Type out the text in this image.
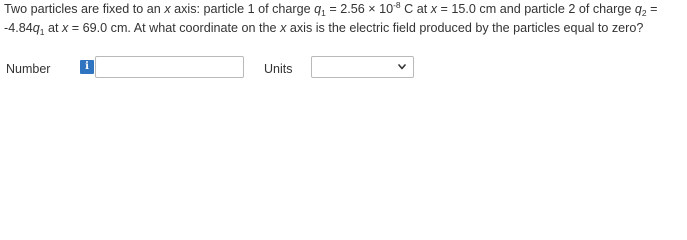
Two particles are fixed to an x axis: particle 1 of charge $q_1 = 2.56 \times 10^{-8}$ C at x = 15.0 cm and particle 2 of charge $q_2$ =
$-4.84q_1$ at x = 69.0 cm. At what coordinate on the x axis is the electric field produced by the particles equal to zero?
Number	i	Units
